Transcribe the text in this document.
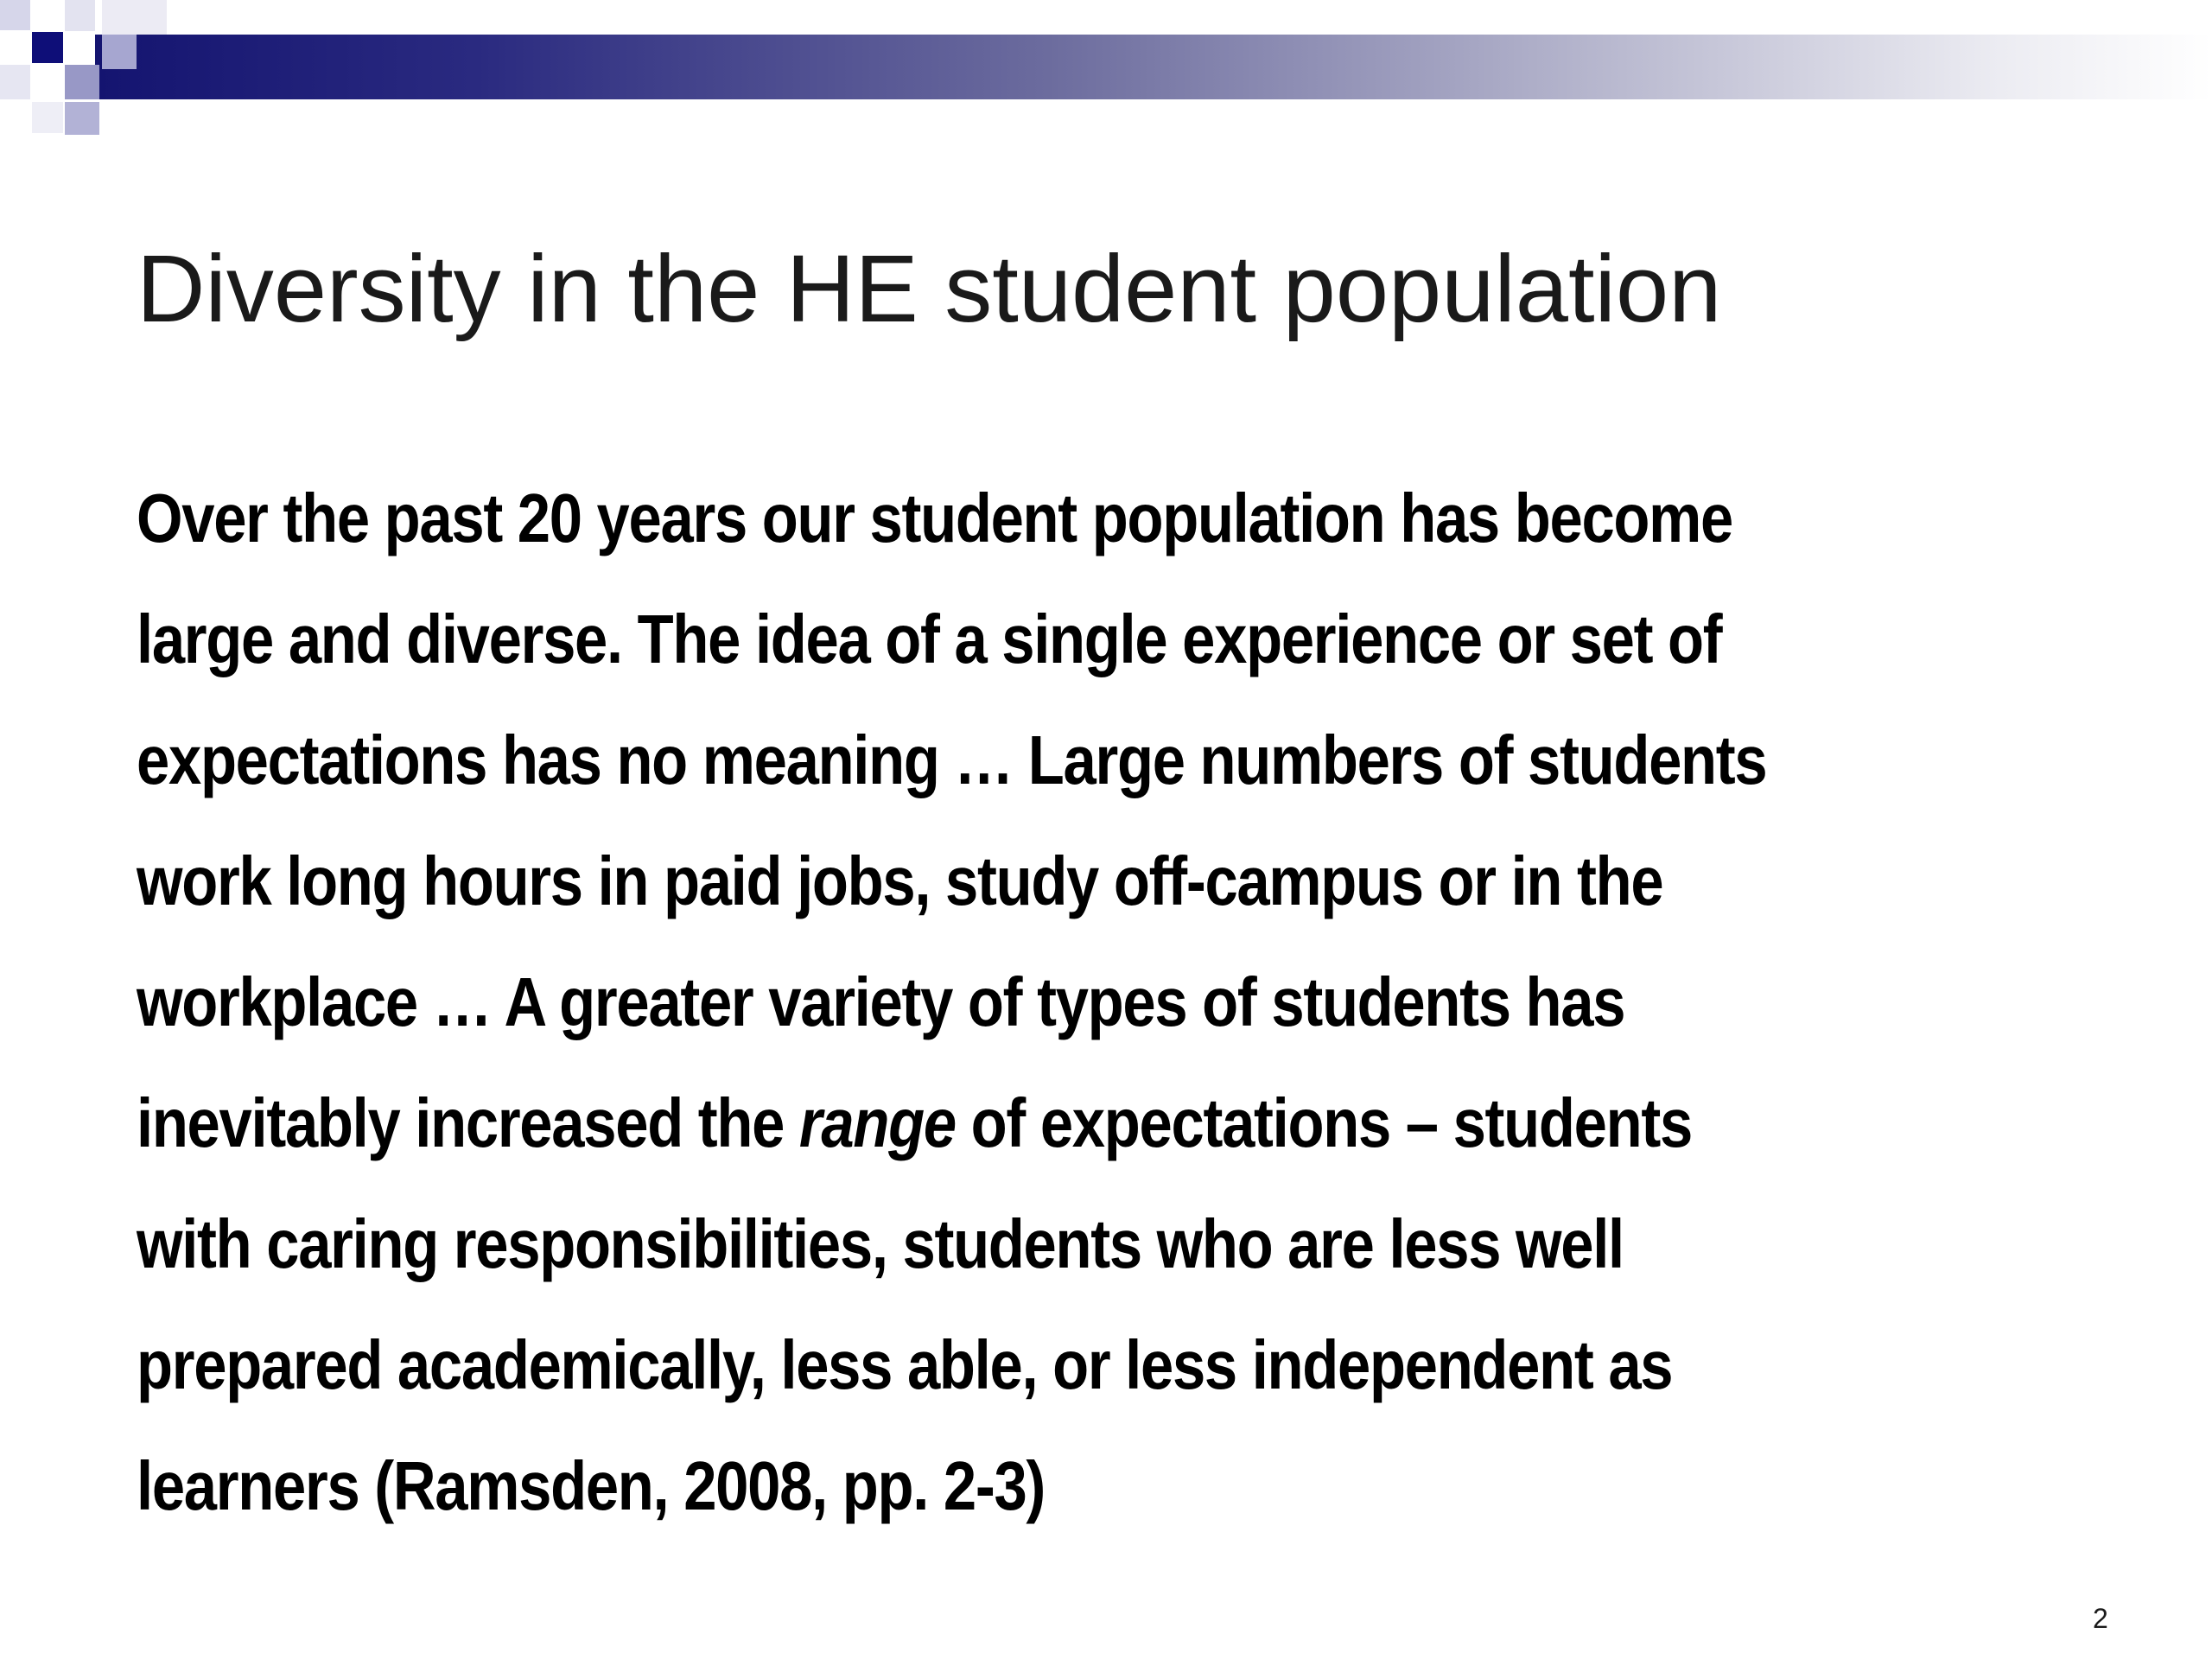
Diversity in the HE student population
Over the past 20 years our student population has become
large and diverse. The idea of a single experience or set of
expectations has no meaning … Large numbers of students
work long hours in paid jobs, study off-campus or in the
workplace … A greater variety of types of students has
inevitably increased the range of expectations – students
with caring responsibilities, students who are less well
prepared academically, less able, or less independent as
learners (Ramsden, 2008, pp. 2-3)
2
